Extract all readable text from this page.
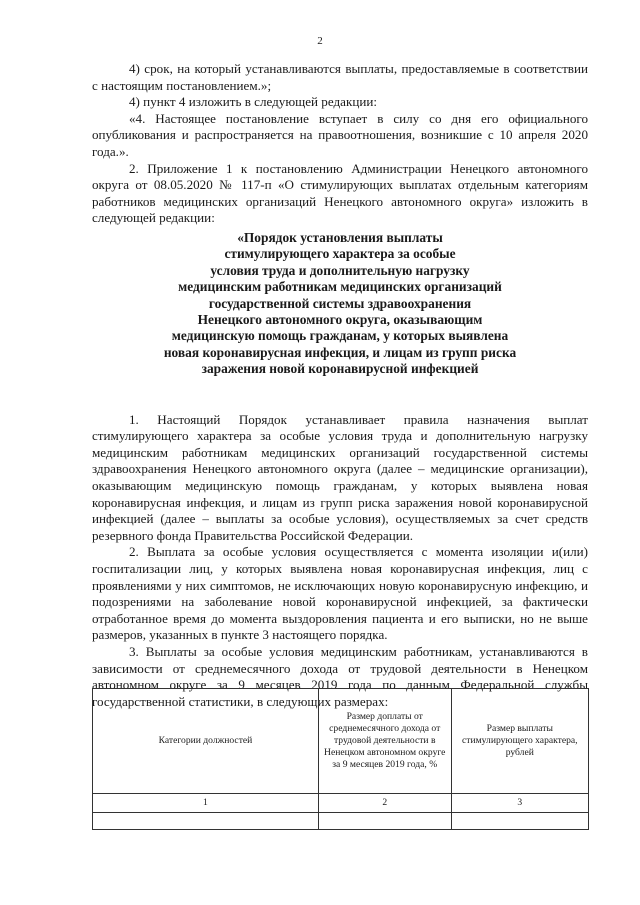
2

4) срок, на который устанавливаются выплаты, предоставляемые в соответствии с настоящим постановлением.»;

4) пункт 4 изложить в следующей редакции:

«4. Настоящее постановление вступает в силу со дня его официального опубликования и распространяется на правоотношения, возникшие с 10 апреля 2020 года.».

2. Приложение 1 к постановлению Администрации Ненецкого автономного округа от 08.05.2020 № 117-п «О стимулирующих выплатах отдельным категориям работников медицинских организаций Ненецкого автономного округа» изложить в следующей редакции:

«Порядок установления выплаты
стимулирующего характера за особые
условия труда и дополнительную нагрузку
медицинским работникам медицинских организаций
государственной системы здравоохранения
Ненецкого автономного округа, оказывающим
медицинскую помощь гражданам, у которых выявлена
новая коронавирусная инфекция, и лицам из групп риска
заражения новой коронавирусной инфекцией

1. Настоящий Порядок устанавливает правила назначения выплат стимулирующего характера за особые условия труда и дополнительную нагрузку медицинским работникам медицинских организаций государственной системы здравоохранения Ненецкого автономного округа (далее – медицинские организации), оказывающим медицинскую помощь гражданам, у которых выявлена новая коронавирусная инфекция, и лицам из групп риска заражения новой коронавирусной инфекцией (далее – выплаты за особые условия), осуществляемых за счет средств резервного фонда Правительства Российской Федерации.

2. Выплата за особые условия осуществляется с момента изоляции и(или) госпитализации лиц, у которых выявлена новая коронавирусная инфекция, лиц с проявлениями у них симптомов, не исключающих новую коронавирусную инфекцию, и подозрениями на заболевание новой коронавирусной инфекцией, за фактически отработанное время до момента выздоровления пациента и его выписки, но не выше размеров, указанных в пункте 3 настоящего порядка.

3. Выплаты за особые условия медицинским работникам, устанавливаются в зависимости от среднемесячного дохода от трудовой деятельности в Ненецком автономном округе за 9 месяцев 2019 года по данным Федеральной службы государственной статистики, в следующих размерах:

Категории должностей	Размер доплаты от среднемесячного дохода от трудовой деятельности в Ненецком автономном округе за 9 месяцев 2019 года, %	Размер выплаты стимулирующего характера, рублей
1	2	3
